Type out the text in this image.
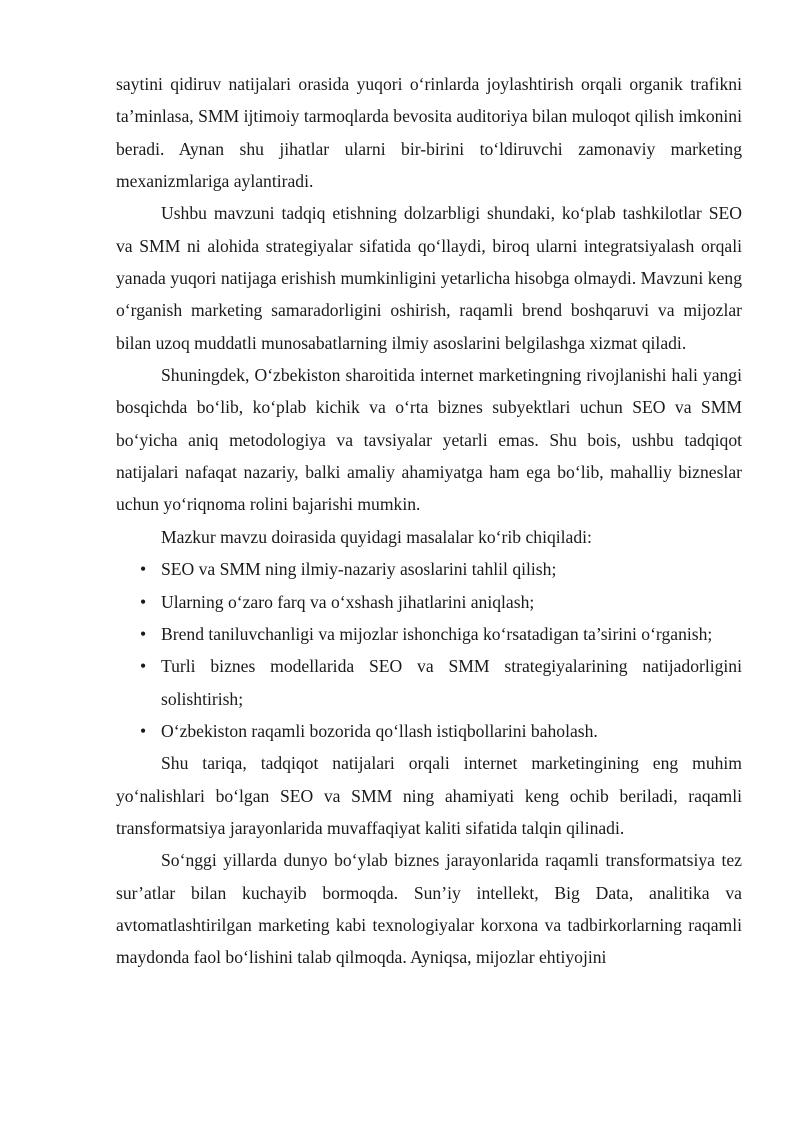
saytini qidiruv natijalari orasida yuqori o‘rinlarda joylashtirish orqali organik trafikni ta’minlasa, SMM ijtimoiy tarmoqlarda bevosita auditoriya bilan muloqot qilish imkonini beradi. Aynan shu jihatlar ularni bir-birini to‘ldiruvchi zamonaviy marketing mexanizmlariga aylantiradi.

Ushbu mavzuni tadqiq etishning dolzarbligi shundaki, ko‘plab tashkilotlar SEO va SMM ni alohida strategiyalar sifatida qo‘llaydi, biroq ularni integratsiyalash orqali yanada yuqori natijaga erishish mumkinligini yetarlicha hisobga olmaydi. Mavzuni keng o‘rganish marketing samaradorligini oshirish, raqamli brend boshqaruvi va mijozlar bilan uzoq muddatli munosabatlarning ilmiy asoslarini belgilashga xizmat qiladi.

Shuningdek, O‘zbekiston sharoitida internet marketingning rivojlanishi hali yangi bosqichda bo‘lib, ko‘plab kichik va o‘rta biznes subyektlari uchun SEO va SMM bo‘yicha aniq metodologiya va tavsiyalar yetarli emas. Shu bois, ushbu tadqiqot natijalari nafaqat nazariy, balki amaliy ahamiyatga ham ega bo‘lib, mahalliy bizneslar uchun yo‘riqnoma rolini bajarishi mumkin.

Mazkur mavzu doirasida quyidagi masalalar ko‘rib chiqiladi:

• SEO va SMM ning ilmiy-nazariy asoslarini tahlil qilish;
• Ularning o‘zaro farq va o‘xshash jihatlarini aniqlash;
• Brend taniluvchanligi va mijozlar ishonchiga ko‘rsatadigan ta’sirini o‘rganish;
• Turli biznes modellarida SEO va SMM strategiyalarining natijadorligini solishtirish;
• O‘zbekiston raqamli bozorida qo‘llash istiqbollarini baholash.

Shu tariqa, tadqiqot natijalari orqali internet marketingining eng muhim yo‘nalishlari bo‘lgan SEO va SMM ning ahamiyati keng ochib beriladi, raqamli transformatsiya jarayonlarida muvaffaqiyat kaliti sifatida talqin qilinadi.

So‘nggi yillarda dunyo bo‘ylab biznes jarayonlarida raqamli transformatsiya tez sur’atlar bilan kuchayib bormoqda. Sun’iy intellekt, Big Data, analitika va avtomatlashtirilgan marketing kabi texnologiyalar korxona va tadbirkorlarning raqamli maydonda faol bo‘lishini talab qilmoqda. Ayniqsa, mijozlar ehtiyojini
